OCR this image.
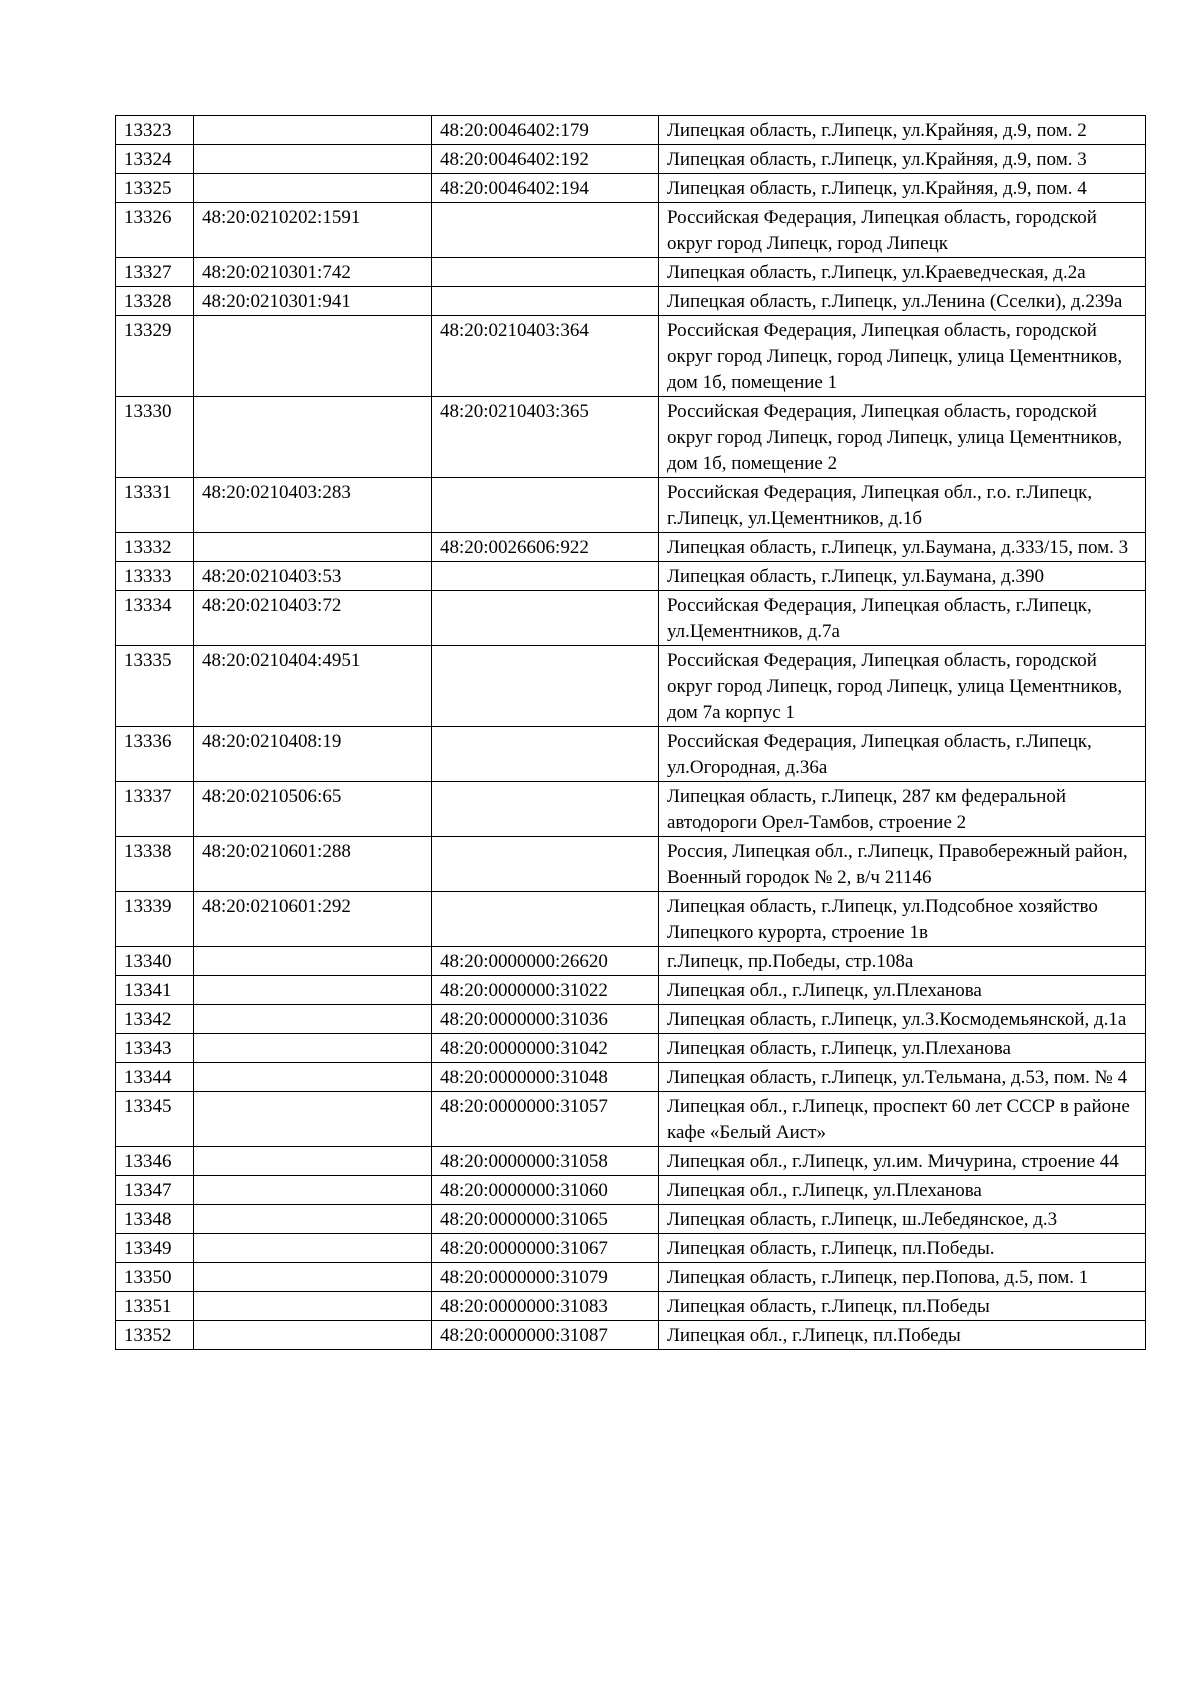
13323		48:20:0046402:179	Липецкая область, г.Липецк, ул.Крайняя, д.9, пом. 2
13324		48:20:0046402:192	Липецкая область, г.Липецк, ул.Крайняя, д.9, пом. 3
13325		48:20:0046402:194	Липецкая область, г.Липецк, ул.Крайняя, д.9, пом. 4
13326	48:20:0210202:1591		Российская Федерация, Липецкая область, городской округ город Липецк, город Липецк
13327	48:20:0210301:742		Липецкая область, г.Липецк, ул.Краеведческая, д.2а
13328	48:20:0210301:941		Липецкая область, г.Липецк, ул.Ленина (Сселки), д.239а
13329		48:20:0210403:364	Российская Федерация, Липецкая область, городской округ город Липецк, город Липецк, улица Цементников, дом 1б, помещение 1
13330		48:20:0210403:365	Российская Федерация, Липецкая область, городской округ город Липецк, город Липецк, улица Цементников, дом 1б, помещение 2
13331	48:20:0210403:283		Российская Федерация, Липецкая обл., г.о. г.Липецк, г.Липецк, ул.Цементников, д.1б
13332		48:20:0026606:922	Липецкая область, г.Липецк, ул.Баумана, д.333/15, пом. 3
13333	48:20:0210403:53		Липецкая область, г.Липецк, ул.Баумана, д.390
13334	48:20:0210403:72		Российская Федерация, Липецкая область, г.Липецк, ул.Цементников, д.7а
13335	48:20:0210404:4951		Российская Федерация, Липецкая область, городской округ город Липецк, город Липецк, улица Цементников, дом 7а корпус 1
13336	48:20:0210408:19		Российская Федерация, Липецкая область, г.Липецк, ул.Огородная, д.36а
13337	48:20:0210506:65		Липецкая область, г.Липецк, 287 км федеральной автодороги Орел-Тамбов, строение 2
13338	48:20:0210601:288		Россия, Липецкая обл., г.Липецк, Правобережный район, Военный городок № 2, в/ч 21146
13339	48:20:0210601:292		Липецкая область, г.Липецк, ул.Подсобное хозяйство Липецкого курорта, строение 1в
13340		48:20:0000000:26620	г.Липецк, пр.Победы, стр.108а
13341		48:20:0000000:31022	Липецкая обл., г.Липецк, ул.Плеханова
13342		48:20:0000000:31036	Липецкая область, г.Липецк, ул.З.Космодемьянской, д.1а
13343		48:20:0000000:31042	Липецкая область, г.Липецк, ул.Плеханова
13344		48:20:0000000:31048	Липецкая область, г.Липецк, ул.Тельмана, д.53, пом. № 4
13345		48:20:0000000:31057	Липецкая обл., г.Липецк, проспект 60 лет СССР в районе кафе «Белый Аист»
13346		48:20:0000000:31058	Липецкая обл., г.Липецк, ул.им. Мичурина, строение 44
13347		48:20:0000000:31060	Липецкая обл., г.Липецк, ул.Плеханова
13348		48:20:0000000:31065	Липецкая область, г.Липецк, ш.Лебедянское, д.3
13349		48:20:0000000:31067	Липецкая область, г.Липецк, пл.Победы.
13350		48:20:0000000:31079	Липецкая область, г.Липецк, пер.Попова, д.5, пом. 1
13351		48:20:0000000:31083	Липецкая область, г.Липецк, пл.Победы
13352		48:20:0000000:31087	Липецкая обл., г.Липецк, пл.Победы
